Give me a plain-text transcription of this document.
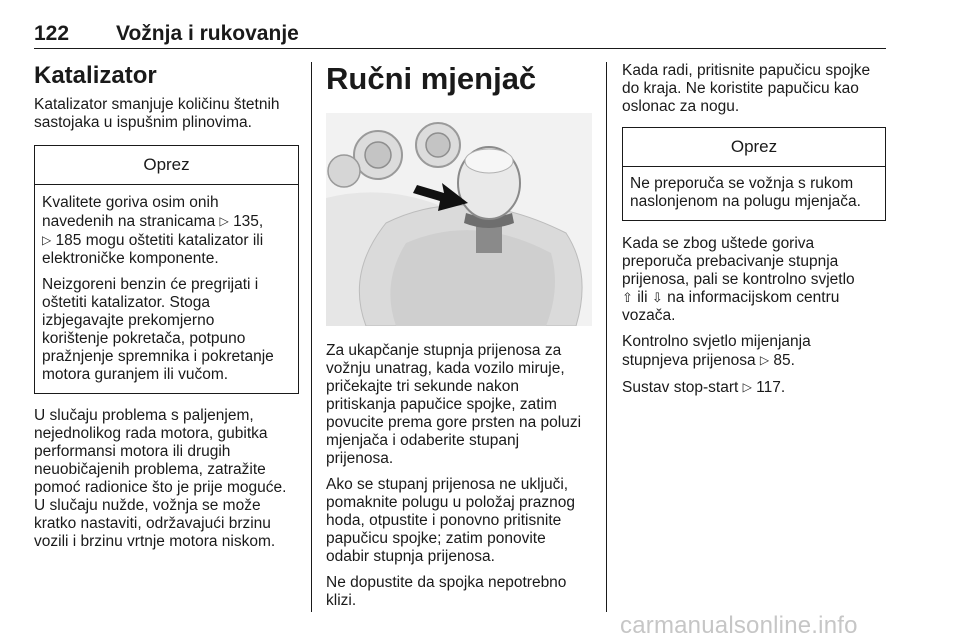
122 Vožnja i rukovanje
Katalizator

Katalizator smanjuje količinu štetnih
sastojaka u ispušnim plinovima.

Oprez

Kvalitete goriva osim onih
navedenih na stranicama ▷ 135,
▷ 185 mogu oštetiti katalizator ili
elektroničke komponente.

Neizgoreni benzin će pregrijati i
oštetiti katalizator. Stoga
izbjegavajte prekomjerno
korištenje pokretača, potpuno
pražnjenje spremnika i pokretanje
motora guranjem ili vučom.

U slučaju problema s paljenjem,
nejednolikog rada motora, gubitka
performansi motora ili drugih
neuobičajenih problema, zatražite
pomoć radionice što je prije moguće.
U slučaju nužde, vožnja se može
kratko nastaviti, održavajući brzinu
vozili i brzinu vrtnje motora niskom.

Ručni mjenjač

Za ukapčanje stupnja prijenosa za
vožnju unatrag, kada vozilo miruje,
pričekajte tri sekunde nakon
pritiskanja papučice spojke, zatim
povucite prema gore prsten na poluzi
mjenjača i odaberite stupanj
prijenosa.

Ako se stupanj prijenosa ne uključi,
pomaknite polugu u položaj praznog
hoda, otpustite i ponovno pritisnite
papučicu spojke; zatim ponovite
odabir stupnja prijenosa.

Ne dopustite da spojka nepotrebno
klizi.

Kada radi, pritisnite papučicu spojke
do kraja. Ne koristite papučicu kao
oslonac za nogu.

Oprez

Ne preporuča se vožnja s rukom
naslonjenom na polugu mjenjača.

Kada se zbog uštede goriva
preporuča prebacivanje stupnja
prijenosa, pali se kontrolno svjetlo
⇧ ili ⇩ na informacijskom centru
vozača.

Kontrolno svjetlo mijenjanja
stupnjeva prijenosa ▷ 85.

Sustav stop-start ▷ 117.

carmanualsonline.info
